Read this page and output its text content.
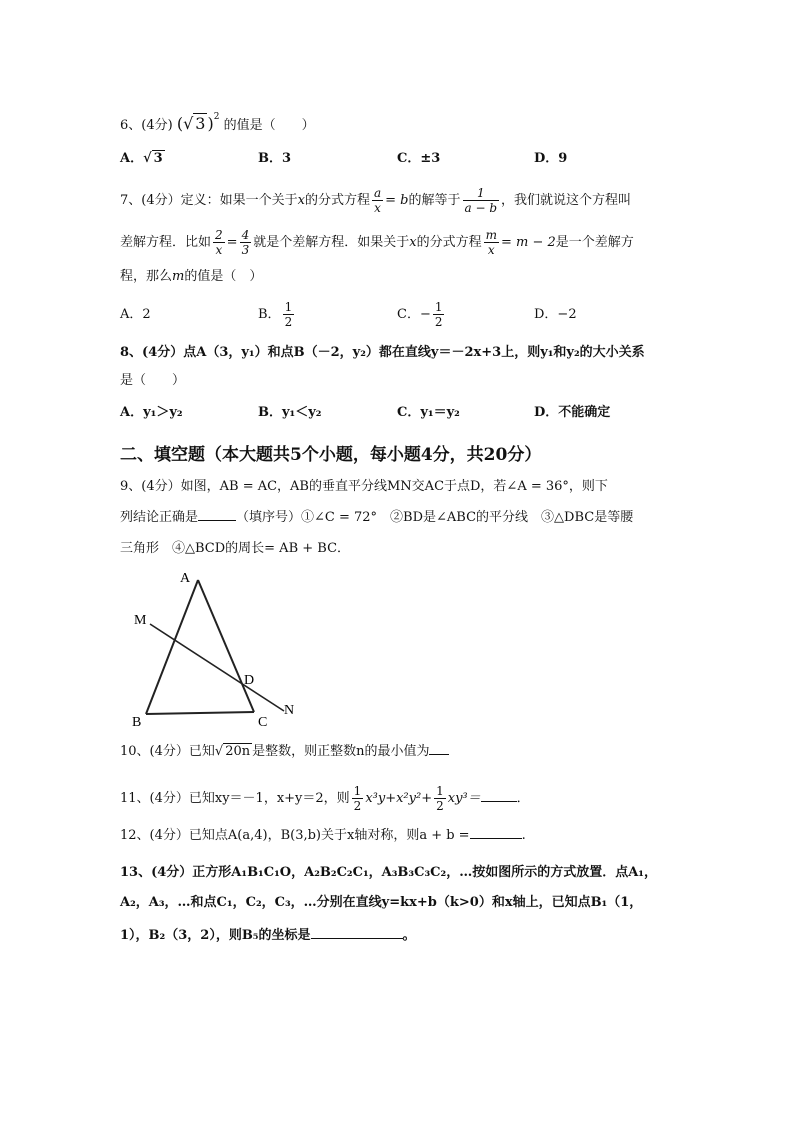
6、(4分) (√ 3 )$^2$ 的值是（　　）
A．√ 3	B．3	C．±3	D．9
7、(4分）定义：如果一个关于x的分式方程 $\frac{a}{x} = b$的解等于 $\frac{1}{a - b}$ ，我们就说这个方程叫
差解方程．比如 $\frac{2}{x} = \frac{4}{3}$ 就是个差解方程．如果关于x的分式方程 $\frac{m}{x} = m - 2$是一个差解方
程，那么m的值是（　）
A．2	B． $\frac{1}{2}$	C．− $\frac{1}{2}$	D．−2
8、(4分）点A（3，y₁）和点B（－2，y₂）都在直线y＝－2x+3上，则y₁和y₂的大小关系
是（　　）
A．y₁＞y₂	B．y₁＜y₂	C．y₁＝y₂	D．不能确定
二、填空题（本大题共5个小题，每小题4分，共20分）
9、(4分）如图，AB = AC，AB的垂直平分线MN交AC于点D，若∠A = 36°，则下
列结论正确是	（填序号）①∠C = 72°　②BD是∠ABC的平分线　③△DBC是等腰
三角形　④△BCD的周长= AB + BC．
A
B	C
D
M
N
10、(4分）已知√ 20n 是整数，则正整数n的最小值为
11、(4分）已知xy＝－1，x+y＝2，则 $\frac{1}{2} x^3y+x^2y^2+ \frac{1}{2} xy^3=$	．
12、(4分）已知点A(a,4)，B(3,b)关于x轴对称，则a + b =	.
13、(4分）正方形A₁B₁C₁O，A₂B₂C₂C₁，A₃B₃C₃C₂，…按如图所示的方式放置．点A₁，
A₂，A₃，…和点C₁，C₂，C₃，…分别在直线y=kx+b（k>0）和x轴上，已知点B₁（1，
1），B₂（3，2），则B₅的坐标是	。
